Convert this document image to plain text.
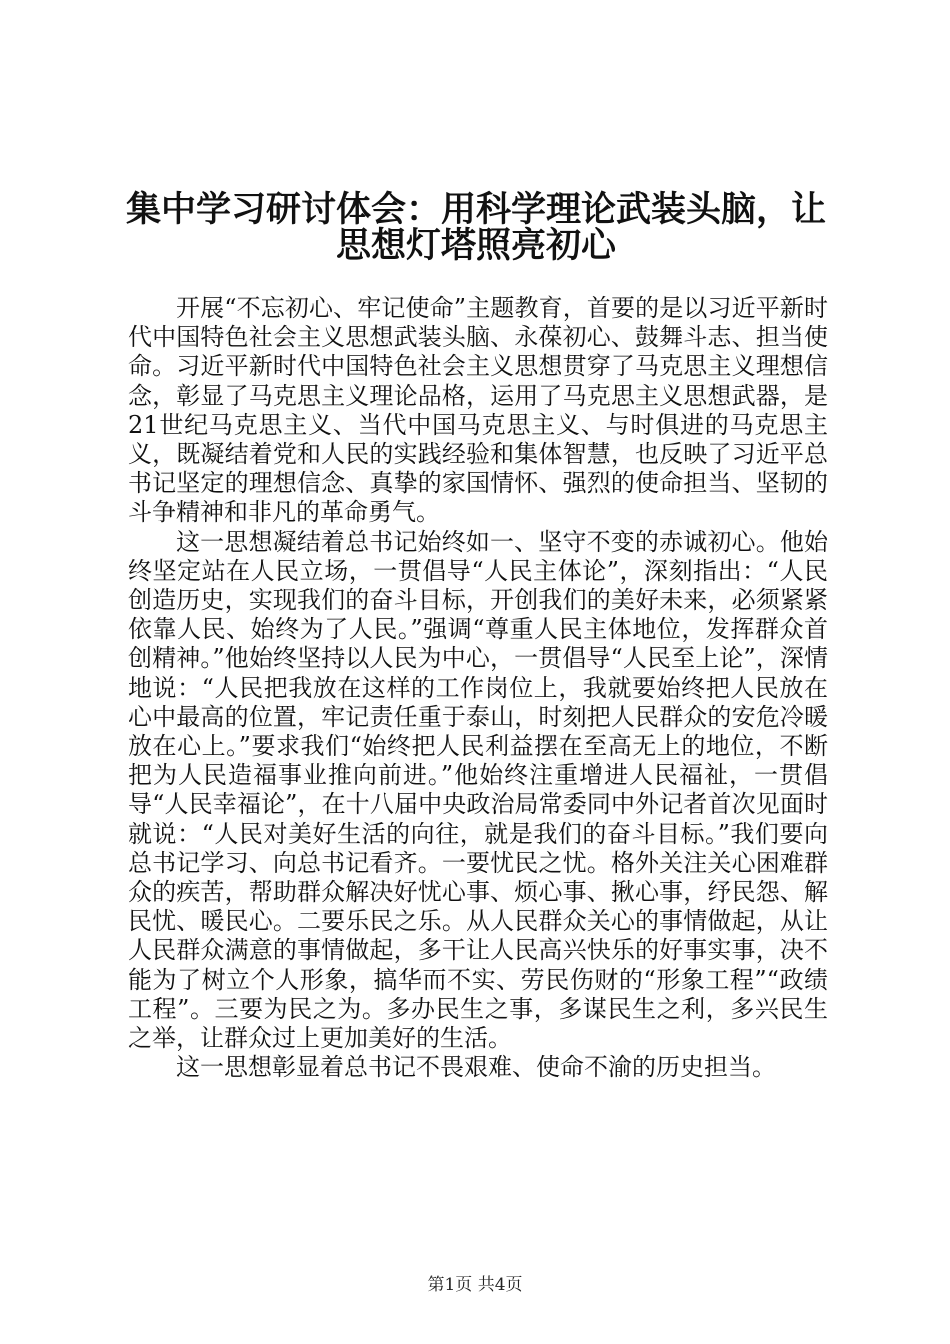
集中学习研讨体会：用科学理论武装头脑，让
思想灯塔照亮初心

开展“不忘初心、牢记使命”主题教育，首要的是以习近平新时代中国特色社会主义思想武装头脑、永葆初心、鼓舞斗志、担当使命。习近平新时代中国特色社会主义思想贯穿了马克思主义理想信念，彰显了马克思主义理论品格，运用了马克思主义思想武器，是21世纪马克思主义、当代中国马克思主义、与时俱进的马克思主义，既凝结着党和人民的实践经验和集体智慧，也反映了习近平总书记坚定的理想信念、真挚的家国情怀、强烈的使命担当、坚韧的斗争精神和非凡的革命勇气。

这一思想凝结着总书记始终如一、坚守不变的赤诚初心。他始终坚定站在人民立场，一贯倡导“人民主体论”，深刻指出：“人民创造历史，实现我们的奋斗目标，开创我们的美好未来，必须紧紧依靠人民、始终为了人民。”强调“尊重人民主体地位，发挥群众首创精神。”他始终坚持以人民为中心，一贯倡导“人民至上论”，深情地说：“人民把我放在这样的工作岗位上，我就要始终把人民放在心中最高的位置，牢记责任重于泰山，时刻把人民群众的安危冷暖放在心上。”要求我们“始终把人民利益摆在至高无上的地位，不断把为人民造福事业推向前进。”他始终注重增进人民福祉，一贯倡导“人民幸福论”，在十八届中央政治局常委同中外记者首次见面时就说：“人民对美好生活的向往，就是我们的奋斗目标。”我们要向总书记学习、向总书记看齐。一要忧民之忧。格外关注关心困难群众的疾苦，帮助群众解决好忧心事、烦心事、揪心事，纾民怨、解民忧、暖民心。二要乐民之乐。从人民群众关心的事情做起，从让人民群众满意的事情做起，多干让人民高兴快乐的好事实事，决不能为了树立个人形象，搞华而不实、劳民伤财的“形象工程”“政绩工程”。三要为民之为。多办民生之事，多谋民生之利，多兴民生之举，让群众过上更加美好的生活。

这一思想彰显着总书记不畏艰难、使命不渝的历史担当。

第1页 共4页
